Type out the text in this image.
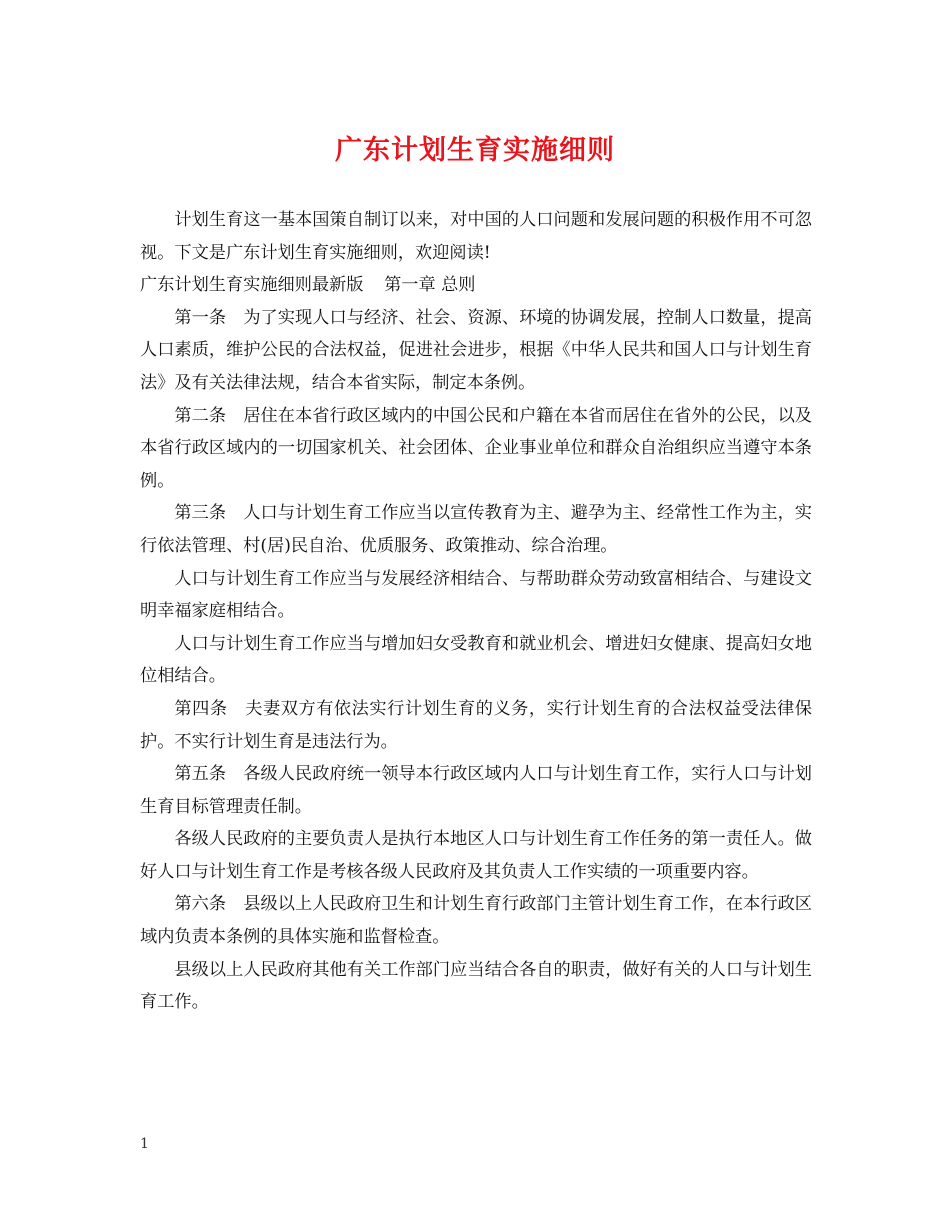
广东计划生育实施细则

计划生育这一基本国策自制订以来，对中国的人口问题和发展问题的积极作用不可忽视。下文是广东计划生育实施细则，欢迎阅读!

广东计划生育实施细则最新版 第一章 总则

第一条　为了实现人口与经济、社会、资源、环境的协调发展，控制人口数量，提高人口素质，维护公民的合法权益，促进社会进步，根据《中华人民共和国人口与计划生育法》及有关法律法规，结合本省实际，制定本条例。

第二条　居住在本省行政区域内的中国公民和户籍在本省而居住在省外的公民，以及本省行政区域内的一切国家机关、社会团体、企业事业单位和群众自治组织应当遵守本条例。

第三条　人口与计划生育工作应当以宣传教育为主、避孕为主、经常性工作为主，实行依法管理、村(居)民自治、优质服务、政策推动、综合治理。

人口与计划生育工作应当与发展经济相结合、与帮助群众劳动致富相结合、与建设文明幸福家庭相结合。

人口与计划生育工作应当与增加妇女受教育和就业机会、增进妇女健康、提高妇女地位相结合。

第四条　夫妻双方有依法实行计划生育的义务，实行计划生育的合法权益受法律保护。不实行计划生育是违法行为。

第五条　各级人民政府统一领导本行政区域内人口与计划生育工作，实行人口与计划生育目标管理责任制。

各级人民政府的主要负责人是执行本地区人口与计划生育工作任务的第一责任人。做好人口与计划生育工作是考核各级人民政府及其负责人工作实绩的一项重要内容。

第六条　县级以上人民政府卫生和计划生育行政部门主管计划生育工作，在本行政区域内负责本条例的具体实施和监督检查。

县级以上人民政府其他有关工作部门应当结合各自的职责，做好有关的人口与计划生育工作。

1
